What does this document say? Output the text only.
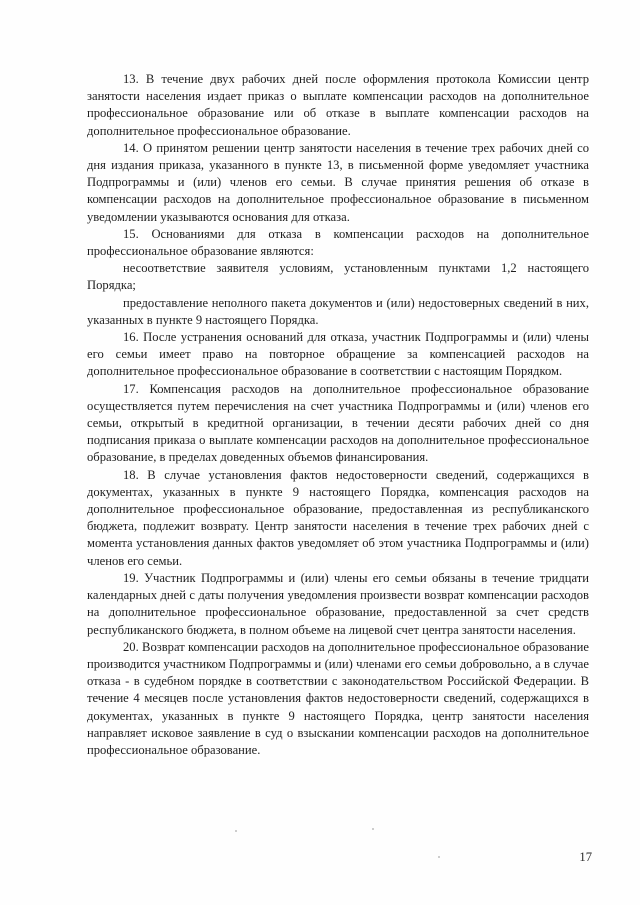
13. В течение двух рабочих дней после оформления протокола Комиссии центр занятости населения издает приказ о выплате компенсации расходов на дополнительное профессиональное образование или об отказе в выплате компенсации расходов на дополнительное профессиональное образование.

14. О принятом решении центр занятости населения в течение трех рабочих дней со дня издания приказа, указанного в пункте 13, в письменной форме уведомляет участника Подпрограммы и (или) членов его семьи. В случае принятия решения об отказе в компенсации расходов на дополнительное профессиональное образование в письменном уведомлении указываются основания для отказа.

15. Основаниями для отказа в компенсации расходов на дополнительное профессиональное образование являются:

несоответствие заявителя условиям, установленным пунктами 1,2 настоящего Порядка;

предоставление неполного пакета документов и (или) недостоверных сведений в них, указанных в пункте 9 настоящего Порядка.

16. После устранения оснований для отказа, участник Подпрограммы и (или) члены его семьи имеет право на повторное обращение за компенсацией расходов на дополнительное профессиональное образование в соответствии с настоящим Порядком.

17. Компенсация расходов на дополнительное профессиональное образование осуществляется путем перечисления на счет участника Подпрограммы и (или) членов его семьи, открытый в кредитной организации, в течении десяти рабочих дней со дня подписания приказа о выплате компенсации расходов на дополнительное профессиональное образование, в пределах доведенных объемов финансирования.

18. В случае установления фактов недостоверности сведений, содержащихся в документах, указанных в пункте 9 настоящего Порядка, компенсация расходов на дополнительное профессиональное образование, предоставленная из республиканского бюджета, подлежит возврату. Центр занятости населения в течение трех рабочих дней с момента установления данных фактов уведомляет об этом участника Подпрограммы и (или) членов его семьи.

19. Участник Подпрограммы и (или) члены его семьи обязаны в течение тридцати календарных дней с даты получения уведомления произвести возврат компенсации расходов на дополнительное профессиональное образование, предоставленной за счет средств республиканского бюджета, в полном объеме на лицевой счет центра занятости населения.

20. Возврат компенсации расходов на дополнительное профессиональное образование производится участником Подпрограммы и (или) членами его семьи добровольно, а в случае отказа - в судебном порядке в соответствии с законодательством Российской Федерации. В течение 4 месяцев после установления фактов недостоверности сведений, содержащихся в документах, указанных в пункте 9 настоящего Порядка, центр занятости населения направляет исковое заявление в суд о взыскании компенсации расходов на дополнительное профессиональное образование.

17
